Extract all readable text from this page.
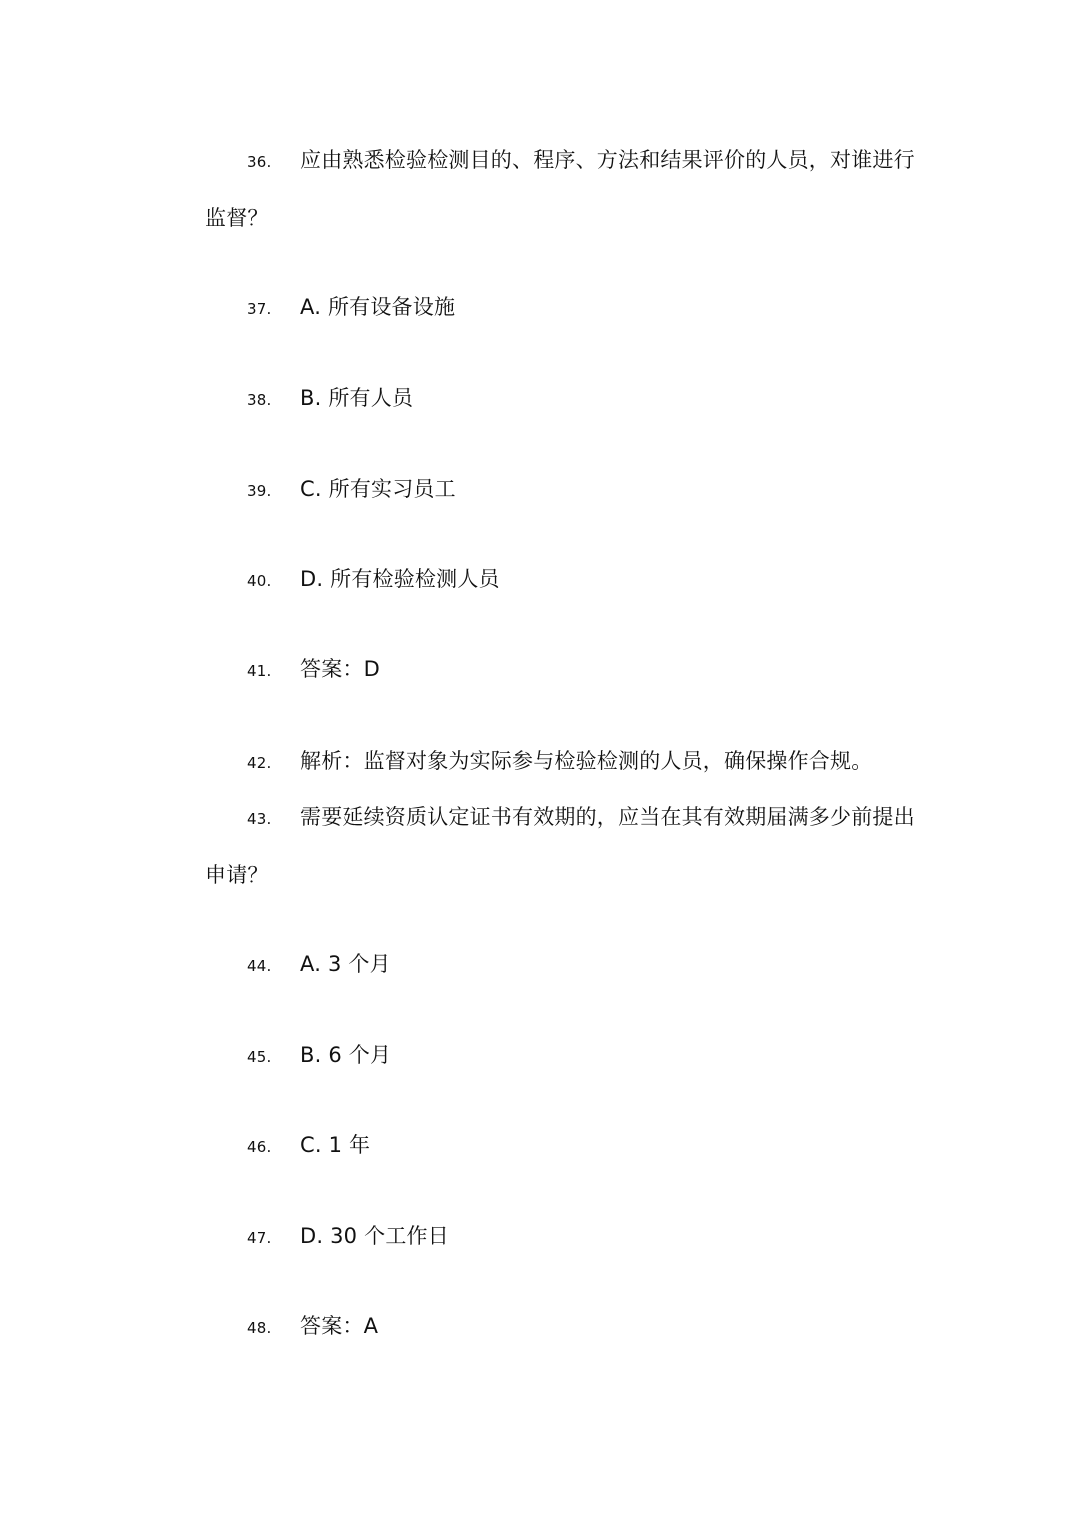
36. 应由熟悉检验检测目的、程序、方法和结果评价的人员，对谁进行监督？
37. A. 所有设备设施
38. B. 所有人员
39. C. 所有实习员工
40. D. 所有检验检测人员
41. 答案：D
42. 解析：监督对象为实际参与检验检测的人员，确保操作合规。
43. 需要延续资质认定证书有效期的，应当在其有效期届满多少前提出申请？
44. A. 3 个月
45. B. 6 个月
46. C. 1 年
47. D. 30 个工作日
48. 答案：A
